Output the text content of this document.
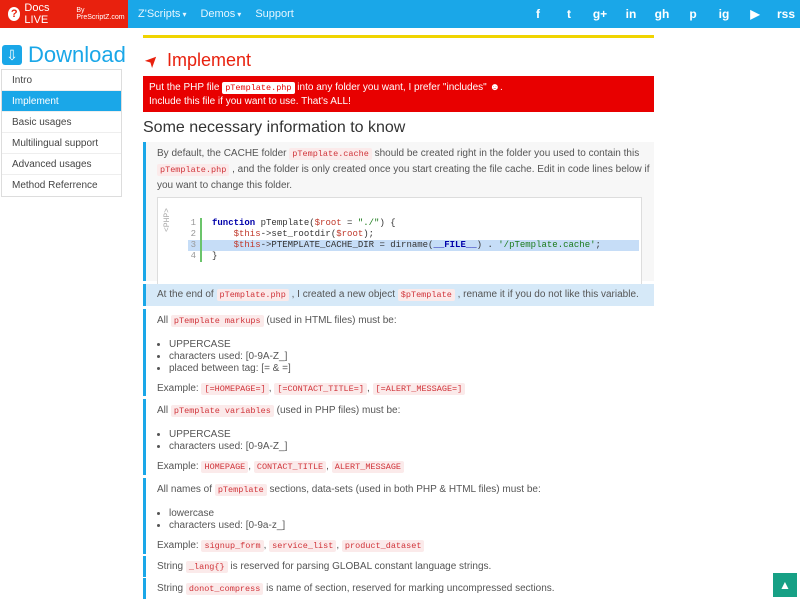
? Docs LIVE
By PreScriptZ.com	Z'Scripts ▾ Demos ▾ Support	f	t	g+	in	gh	p	ig	▶	rss
⇩ Download
Intro
Implement
Basic usages
Multilingual support
Advanced usages
Method Referrence
➤ Implement
Put the PHP file pTemplate.php into any folder you want, I prefer "includes" ☻.
Include this file if you want to use. That's ALL!
Some necessary information to know
By default, the CACHE folder pTemplate.cache should be created right in the folder you used to contain this pTemplate.php , and the folder is only created once you start creating the file cache. Edit in code lines below if you want to change this folder.
<PHP> 1	function pTemplate($root = "./") {
2	$this->set_rootdir($root);
3	$this->PTEMPLATE_CACHE_DIR = dirname(__FILE__) . '/pTemplate.cache';
4	}
At the end of pTemplate.php , I created a new object $pTemplate , rename it if you do not like this variable.
All pTemplate markups (used in HTML files) must be:
• UPPERCASE
• characters used: [0-9A-Z_]
• placed between tag: [= & =]
Example: [=HOMEPAGE=] , [=CONTACT_TITLE=] , [=ALERT_MESSAGE=]
All pTemplate variables (used in PHP files) must be:
• UPPERCASE
• characters used: [0-9A-Z_]
Example: HOMEPAGE , CONTACT_TITLE , ALERT_MESSAGE
All names of pTemplate sections, data-sets (used in both PHP & HTML files) must be:
• lowercase
• characters used: [0-9a-z_]
Example: signup_form , service_list , product_dataset
String _lang{} is reserved for parsing GLOBAL constant language strings.
String donot_compress is name of section, reserved for marking uncompressed sections.	▲
